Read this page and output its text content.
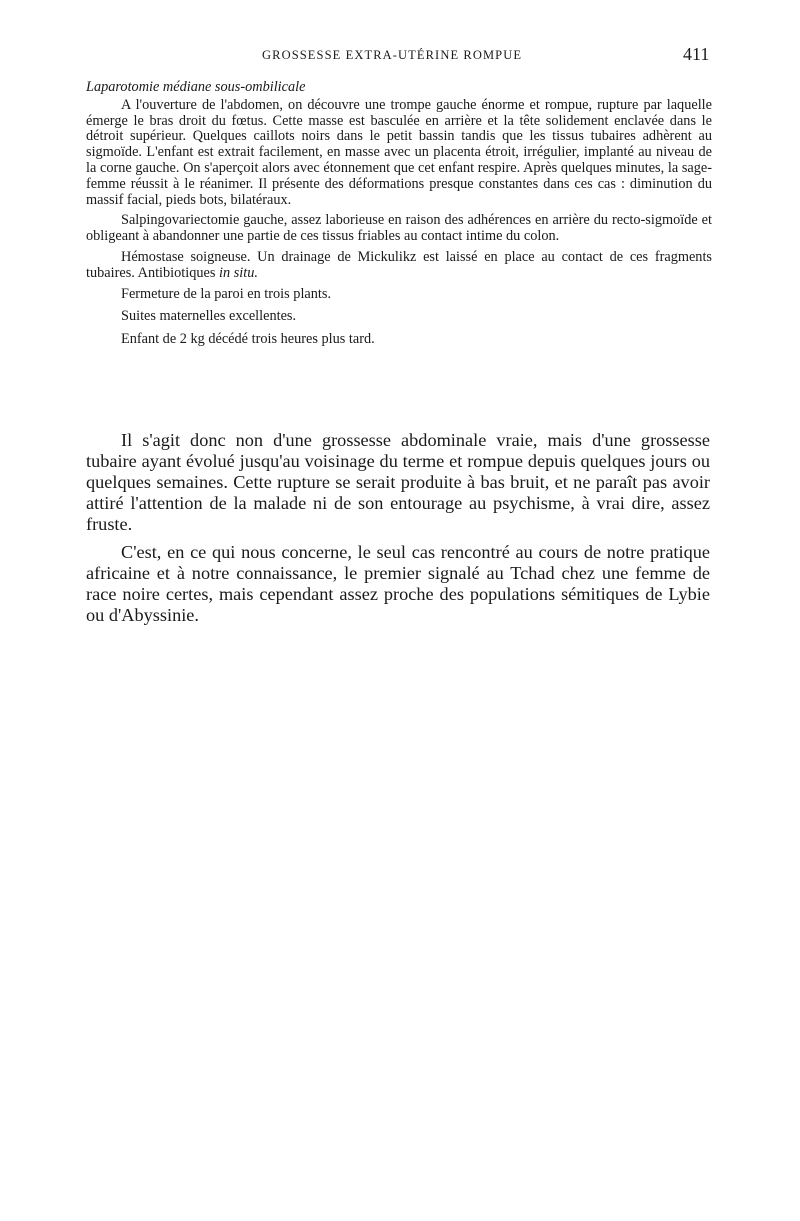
GROSSESSE EXTRA-UTÉRINE ROMPUE	411

Laparotomie médiane sous-ombilicale

A l'ouverture de l'abdomen, on découvre une trompe gauche énorme et rompue, rupture par laquelle émerge le bras droit du fœtus. Cette masse est basculée en arrière et la tête solidement enclavée dans le détroit supérieur. Quelques caillots noirs dans le petit bassin tandis que les tissus tubaires adhèrent au sigmoïde. L'enfant est extrait facilement, en masse avec un placenta étroit, irrégulier, implanté au niveau de la corne gauche. On s'aperçoit alors avec étonnement que cet enfant respire. Après quelques minutes, la sage-femme réussit à le réanimer. Il présente des déformations presque constantes dans ces cas : diminution du massif facial, pieds bots, bilatéraux.

Salpingovariectomie gauche, assez laborieuse en raison des adhérences en arrière du recto-sigmoïde et obligeant à abandonner une partie de ces tissus friables au contact intime du colon.

Hémostase soigneuse. Un drainage de Mickulikz est laissé en place au contact de ces fragments tubaires. Antibiotiques in situ.

Fermeture de la paroi en trois plants.

Suites maternelles excellentes.

Enfant de 2 kg décédé trois heures plus tard.

Il s'agit donc non d'une grossesse abdominale vraie, mais d'une grossesse tubaire ayant évolué jusqu'au voisinage du terme et rompue depuis quelques jours ou quelques semaines. Cette rupture se serait produite à bas bruit, et ne paraît pas avoir attiré l'attention de la malade ni de son entourage au psychisme, à vrai dire, assez fruste.

C'est, en ce qui nous concerne, le seul cas rencontré au cours de notre pratique africaine et à notre connaissance, le premier signalé au Tchad chez une femme de race noire certes, mais cependant assez proche des populations sémitiques de Lybie ou d'Abyssinie.
